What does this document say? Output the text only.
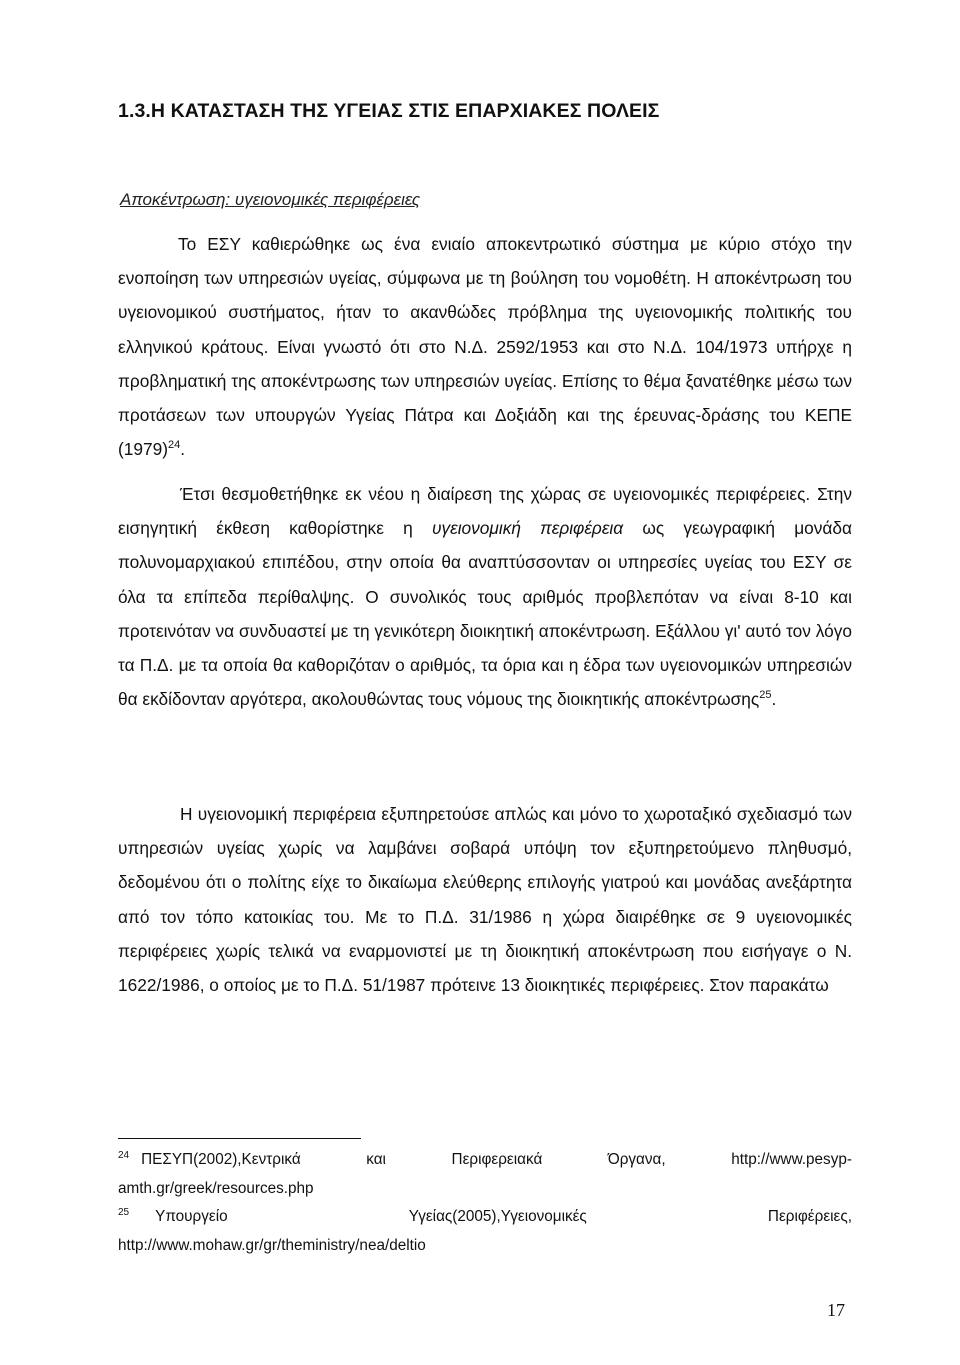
1.3.Η ΚΑΤΑΣΤΑΣΗ ΤΗΣ ΥΓΕΙΑΣ ΣΤΙΣ ΕΠΑΡΧΙΑΚΕΣ ΠΟΛΕΙΣ
Αποκέντρωση: υγειονομικές περιφέρειες
Το ΕΣΥ καθιερώθηκε ως ένα ενιαίο αποκεντρωτικό σύστημα με κύριο στόχο την ενοποίηση των υπηρεσιών υγείας, σύμφωνα με τη βούληση του νομοθέτη. Η αποκέντρωση του υγειονομικού συστήματος, ήταν το ακανθώδες πρόβλημα της υγειονομικής πολιτικής του ελληνικού κράτους. Είναι γνωστό ότι στο Ν.Δ. 2592/1953 και στο Ν.Δ. 104/1973 υπήρχε η προβληματική της αποκέντρωσης των υπηρεσιών υγείας. Επίσης το θέμα ξανατέθηκε μέσω των προτάσεων των υπουργών Υγείας Πάτρα και Δοξιάδη και της έρευνας-δράσης του ΚΕΠΕ $(1979)^{24}$.
Έτσι θεσμοθετήθηκε εκ νέου η διαίρεση της χώρας σε υγειονομικές περιφέρειες. Στην εισηγητική έκθεση καθορίστηκε η υγειονομική περιφέρεια ως γεωγραφική μονάδα πολυνομαρχιακού επιπέδου, στην οποία θα αναπτύσσονταν οι υπηρεσίες υγείας του ΕΣΥ σε όλα τα επίπεδα περίθαλψης. Ο συνολικός τους αριθμός προβλεπόταν να είναι 8-10 και προτεινόταν να συνδυαστεί με τη γενικότερη διοικητική αποκέντρωση. Εξάλλου γι' αυτό τον λόγο τα Π.Δ. με τα οποία θα καθοριζόταν ο αριθμός, τα όρια και η έδρα των υγειονομικών υπηρεσιών θα εκδίδονταν αργότερα, ακολουθώντας τους νόμους της διοικητικής αποκέντρωσης$^{25}$.
Η υγειονομική περιφέρεια εξυπηρετούσε απλώς και μόνο το χωροταξικό σχεδιασμό των υπηρεσιών υγείας χωρίς να λαμβάνει σοβαρά υπόψη τον εξυπηρετούμενο πληθυσμό, δεδομένου ότι ο πολίτης είχε το δικαίωμα ελεύθερης επιλογής γιατρού και μονάδας ανεξάρτητα από τον τόπο κατοικίας του. Με το Π.Δ. 31/1986 η χώρα διαιρέθηκε σε 9 υγειονομικές περιφέρειες χωρίς τελικά να εναρμονιστεί με τη διοικητική αποκέντρωση που εισήγαγε ο Ν. 1622/1986, ο οποίος με το Π.Δ. 51/1987 πρότεινε 13 διοικητικές περιφέρειες. Στον παρακάτω
$^{24}$ ΠΕΣΥΠ(2002),Κεντρικά	και	Περιφερειακά	Όργανα,	http://www.pesyp-
amth.gr/greek/resources.php
$^{25}$ Υπουργείο	Υγείας(2005),Υγειονομικές	Περιφέρειες,
http://www.mohaw.gr/gr/theministry/nea/deltio
17
